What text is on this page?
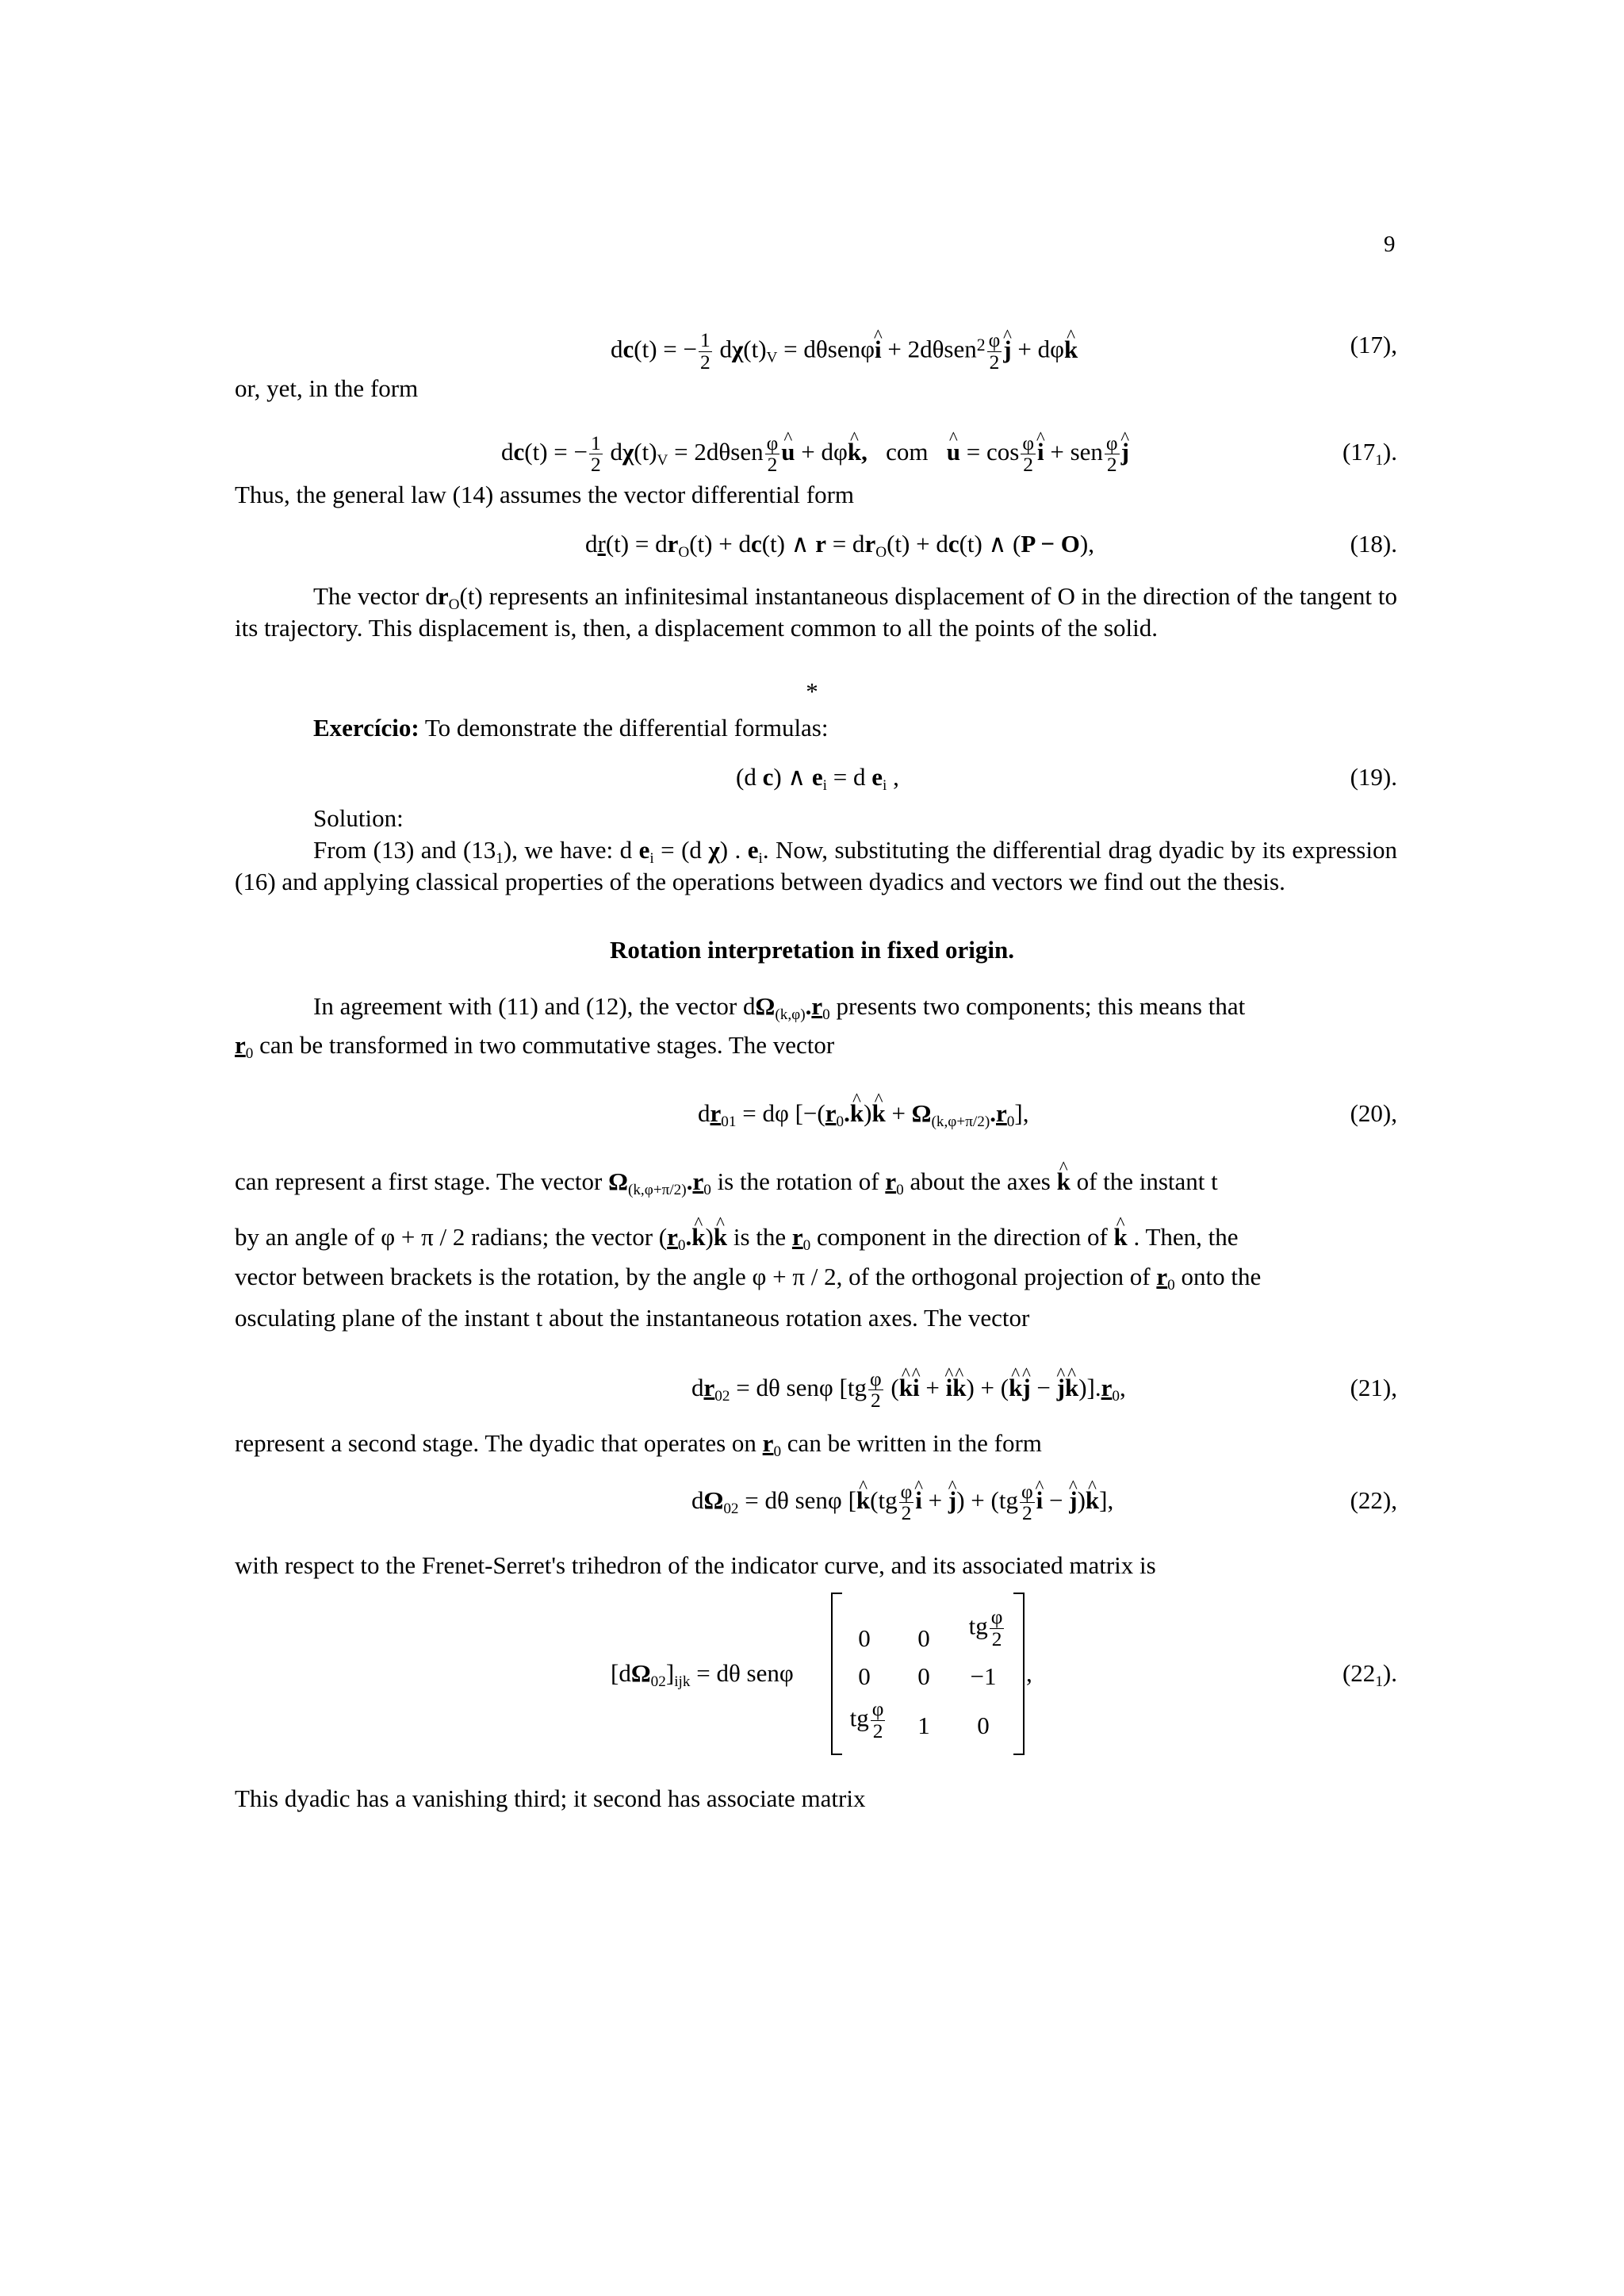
9
dc(t) = − $\frac{1}{2} d\chi(t)_V$ = dθsenφ^ $i + 2d\theta sen^2 \frac{\varphi}{2}$ ^ j + dφ^ k	(17),
or, yet, in the form
dc(t) = − $\frac{1}{2} d\chi(t)_V = 2d\theta sen \frac{\varphi}{2}$ ^ u + dφ^ k, com ^ $u = \cos \frac{\varphi}{2}$ ^ i + sen $\frac{\varphi}{2}$ ^ j	$(17_1)$.
Thus, the general law (14) assumes the vector differential form
$dr(t) = dr_O(t) + dc(t)$ ∧ $r = dr_O(t) + dc(t)$ ∧ (P − O),	(18).
The vector $dr_O(t)$ represents an infinitesimal instantaneous displacement of O in the direction of the tangent to its trajectory. This displacement is, then, a displacement common to all the points of the solid.
*
Exercício: To demonstrate the differential formulas:
(d c) ∧ $e_i = d$ $e_i$ ,	(19).
Solution:
From (13) and $(13_1)$, we have: d $e_i = (d$ χ) . $e_i$. Now, substituting the differential drag dyadic by its expression (16) and applying classical properties of the operations between dyadics and vectors we find out the thesis.
Rotation interpretation in fixed origin.
In agreement with (11) and (12), the vector $d\Omega_{(k,\varphi)}.r_0$ presents two components; this means that
$r_0$ can be transformed in two commutative stages. The vector
$dr_{01} = d\varphi$ [$-(r_0.\^{}$ k)^ $k + \Omega_{(k,\varphi+\pi/2)}.r_0$],	(20),
can represent a first stage. The vector $\Omega_{(k,\varphi+\pi/2)}.r_0$ is the rotation of $r_0$ about the axes ^ k of the instant t
by an angle of φ + π / 2 radians; the vector ($r_0.\^{}$ k)^ k is the $r_0$ component in the direction of ^ k . Then, the
vector between brackets is the rotation, by the angle φ + π / 2, of the orthogonal projection of $r_0$ onto the
osculating plane of the instant t about the instantaneous rotation axes. The vector
$dr_{02} = d\theta$ senφ [$tg \frac{\varphi}{2}$ (^ k^ i + ^ i^ k) + (^ k^ j − ^ j^ $k)].r_0$,	(21),
represent a second stage. The dyadic that operates on $r_0$ can be written in the form
$d\Omega_{02} = d\theta$ senφ [^ $k(tg \frac{\varphi}{2}$ ^ i + ^ $j) + (tg \frac{\varphi}{2}$ ^ i − ^ j)^ k],	(22),
with respect to the Frenet-Serret's trihedron of the indicator curve, and its associated matrix is
$[d\Omega_{02}]_{ijk} = d\theta$ senφ	,	$(22_1)$.
0	0	tg $\frac{\varphi}{2}$
0	0	−1
tg $\frac{\varphi}{2}$	1	0
This dyadic has a vanishing third; it second has associate matrix
